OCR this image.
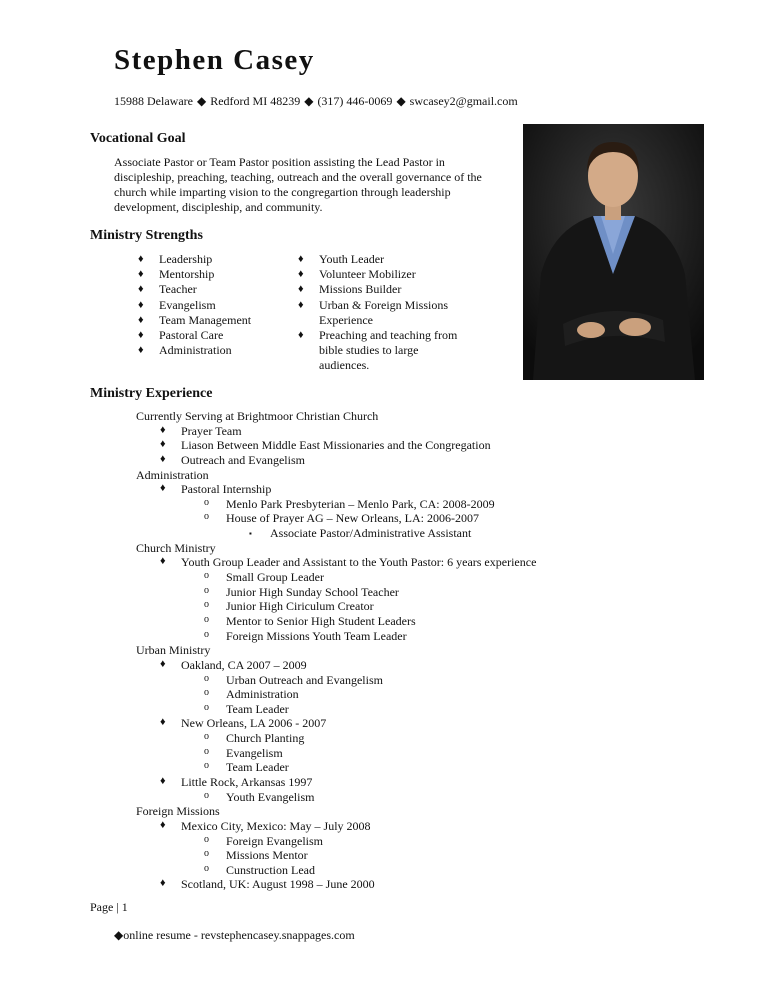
Stephen Casey
15988 Delaware ◆ Redford MI 48239 ◆ (317) 446-0069 ◆ swcasey2@gmail.com
Vocational Goal
Associate Pastor or Team Pastor position assisting the Lead Pastor in
discipleship, preaching, teaching, outreach and the overall governance of the
church while imparting vision to the congregartion through leadership
development, discipleship, and community.
Ministry Strengths
♦ Leadership
♦ Mentorship
♦ Teacher
♦ Evangelism
♦ Team Management
♦ Pastoral Care
♦ Administration
♦ Youth Leader
♦ Volunteer Mobilizer
♦ Missions Builder
♦ Urban & Foreign Missions
Experience
♦ Preaching and teaching from
bible studies to large
audiences.
Ministry Experience
Currently Serving at Brightmoor Christian Church
♦ Prayer Team
♦ Liason Between Middle East Missionaries and the Congregation
♦ Outreach and Evangelism
Administration
♦ Pastoral Internship
o Menlo Park Presbyterian – Menlo Park, CA: 2008-2009
o House of Prayer AG – New Orleans, LA: 2006-2007
▪ Associate Pastor/Administrative Assistant
Church Ministry
♦ Youth Group Leader and Assistant to the Youth Pastor: 6 years experience
o Small Group Leader
o Junior High Sunday School Teacher
o Junior High Ciriculum Creator
o Mentor to Senior High Student Leaders
o Foreign Missions Youth Team Leader
Urban Ministry
♦ Oakland, CA 2007 – 2009
o Urban Outreach and Evangelism
o Administration
o Team Leader
♦ New Orleans, LA 2006 - 2007
o Church Planting
o Evangelism
o Team Leader
♦ Little Rock, Arkansas 1997
o Youth Evangelism
Foreign Missions
♦ Mexico City, Mexico: May – July 2008
o Foreign Evangelism
o Missions Mentor
o Cunstruction Lead
♦ Scotland, UK: August 1998 – June 2000
Page | 1
◆online resume - revstephencasey.snappages.com
